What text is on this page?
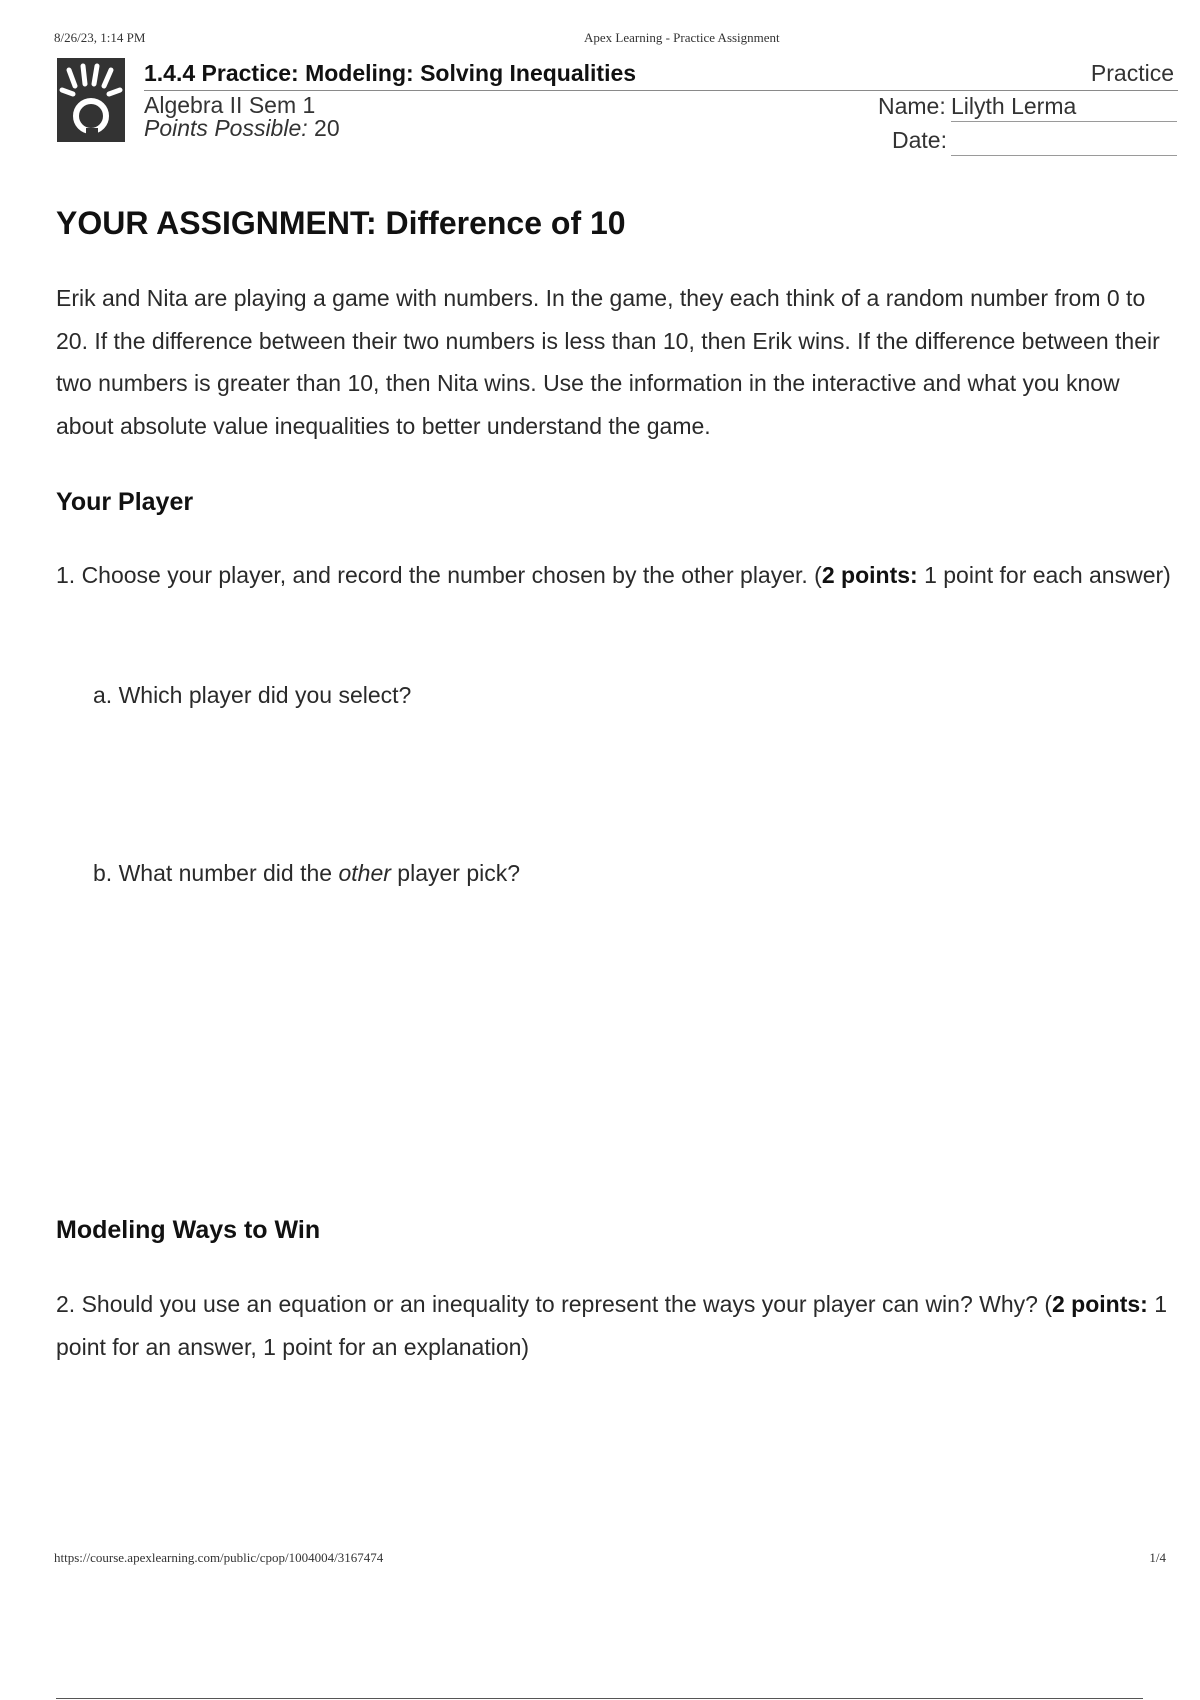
8/26/23, 1:14 PM	Apex Learning - Practice Assignment
1.4.4 Practice: Modeling: Solving Inequalities	Practice
Algebra II Sem 1
Points Possible: 20
Name: Lilyth Lerma
Date:
YOUR ASSIGNMENT: Difference of 10

Erik and Nita are playing a game with numbers. In the game, they each think of a random number from 0 to 20. If the difference between their two numbers is less than 10, then Erik wins. If the difference between their two numbers is greater than 10, then Nita wins. Use the information in the interactive and what you know about absolute value inequalities to better understand the game.

Your Player

1. Choose your player, and record the number chosen by the other player. (2 points: 1 point for each answer)

a. Which player did you select?
b. What number did the other player pick?
Modeling Ways to Win

2. Should you use an equation or an inequality to represent the ways your player can win? Why? (2 points: 1 point for an answer, 1 point for an explanation)

https://course.apexlearning.com/public/cpop/1004004/3167474	1/4
